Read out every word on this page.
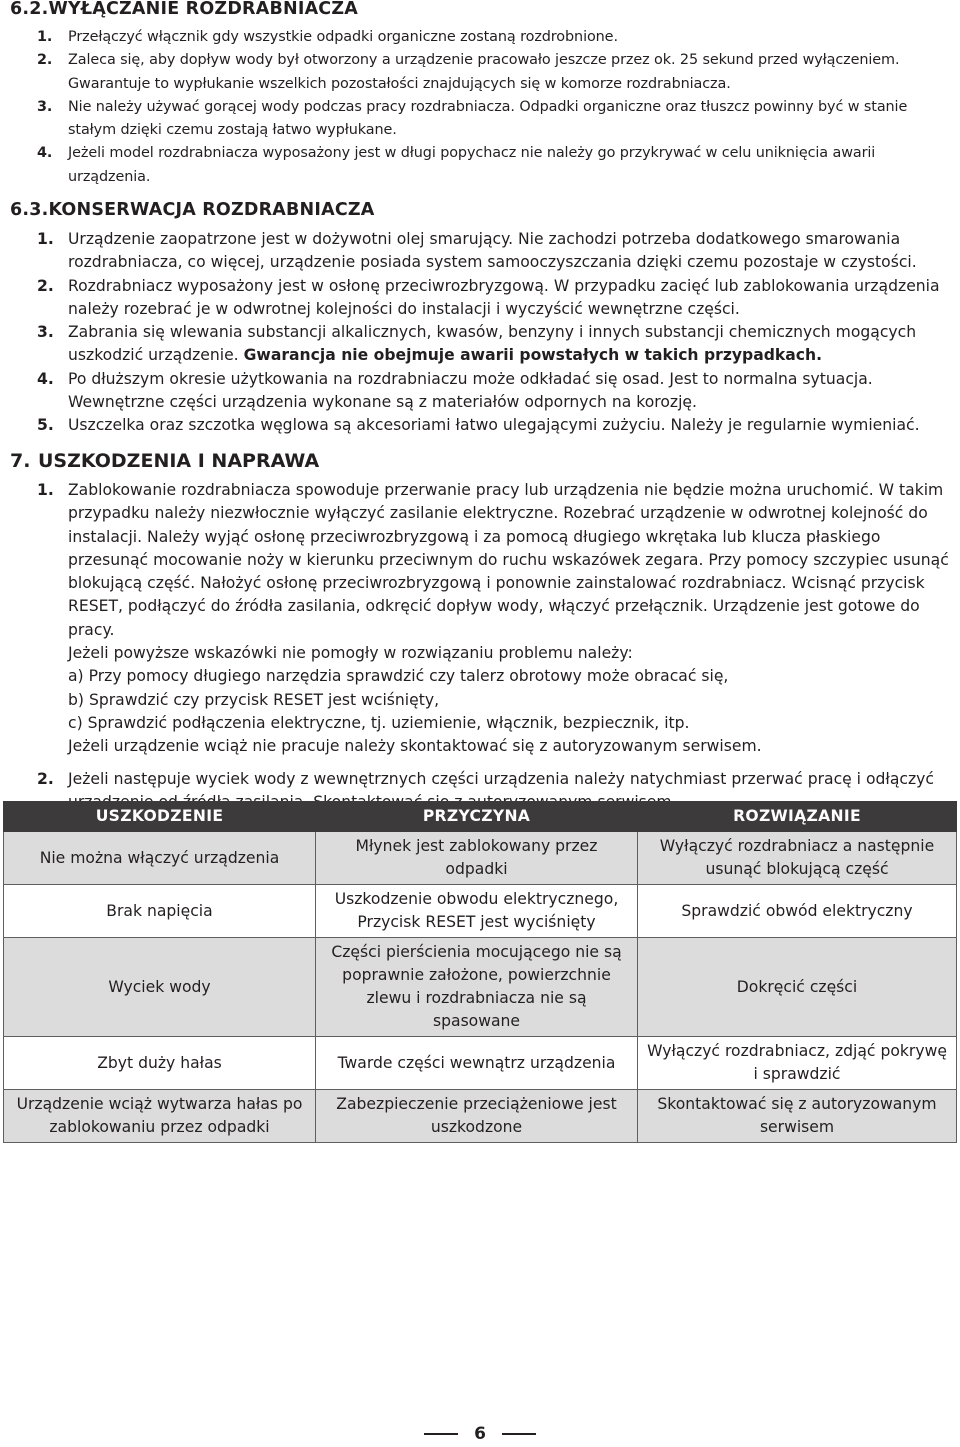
6.2.WYŁĄCZANIE ROZDRABNIACZA
1. Przełączyć włącznik gdy wszystkie odpadki organiczne zostaną rozdrobnione.

2. Zaleca się, aby dopływ wody był otworzony a urządzenie pracowało jeszcze przez ok. 25 sekund przed wyłączeniem. Gwarantuje to wypłukanie wszelkich pozostałości znajdujących się w komorze rozdrabniacza.

3. Nie należy używać gorącej wody podczas pracy rozdrabniacza. Odpadki organiczne oraz tłuszcz powinny być w stanie stałym dzięki czemu zostają łatwo wypłukane.

4. Jeżeli model rozdrabniacza wyposażony jest w długi popychacz nie należy go przykrywać w celu uniknięcia awarii urządzenia.

6.3.KONSERWACJA ROZDRABNIACZA
1. Urządzenie zaopatrzone jest w dożywotni olej smarujący. Nie zachodzi potrzeba dodatkowego smarowania rozdrabniacza, co więcej, urządzenie posiada system samooczyszczania dzięki czemu pozostaje w czystości.

2. Rozdrabniacz wyposażony jest w osłonę przeciwrozbryzgową. W przypadku zacięć lub zablokowania urządzenia należy rozebrać je w odwrotnej kolejności do instalacji i wyczyścić wewnętrzne części.

3. Zabrania się wlewania substancji alkalicznych, kwasów, benzyny i innych substancji chemicznych mogących uszkodzić urządzenie. Gwarancja nie obejmuje awarii powstałych w takich przypadkach.

4. Po dłuższym okresie użytkowania na rozdrabniaczu może odkładać się osad. Jest to normalna sytuacja. Wewnętrzne części urządzenia wykonane są z materiałów odpornych na korozję.

5. Uszczelka oraz szczotka węglowa są akcesoriami łatwo ulegającymi zużyciu. Należy je regularnie wymieniać.

7. USZKODZENIA I NAPRAWA
1. Zablokowanie rozdrabniacza spowoduje przerwanie pracy lub urządzenia nie będzie można uruchomić. W takim przypadku należy niezwłocznie wyłączyć zasilanie elektryczne. Rozebrać urządzenie w odwrotnej kolejność do instalacji. Należy wyjąć osłonę przeciwrozbryzgową i za pomocą długiego wkrętaka lub klucza płaskiego przesunąć mocowanie noży w kierunku przeciwnym do ruchu wskazówek zegara. Przy pomocy szczypiec usunąć blokującą część. Nałożyć osłonę przeciwrozbryzgową i ponownie zainstalować rozdrabniacz. Wcisnąć przycisk RESET, podłączyć do źródła zasilania, odkręcić dopływ wody, włączyć przełącznik. Urządzenie jest gotowe do pracy.

Jeżeli powyższe wskazówki nie pomogły w rozwiązaniu problemu należy:

a) Przy pomocy długiego narzędzia sprawdzić czy talerz obrotowy może obracać się,

b) Sprawdzić czy przycisk RESET jest wciśnięty,

c) Sprawdzić podłączenia elektryczne, tj. uziemienie, włącznik, bezpiecznik, itp.

Jeżeli urządzenie wciąż nie pracuje należy skontaktować się z autoryzowanym serwisem.

2. Jeżeli następuje wyciek wody z wewnętrznych części urządzenia należy natychmiast przerwać pracę i odłączyć

USZKODZENIE	PRZYCZYNA	ROZWIĄZANIE
Nie można włączyć urządzenia	Młynek jest zablokowany przez odpadki	Wyłączyć rozdrabniacz a następnie usunąć blokującą część
Brak napięcia	Uszkodzenie obwodu elektrycznego, Przycisk RESET jest wyciśnięty	Sprawdzić obwód elektryczny
Wyciek wody	Części pierścienia mocującego nie są poprawnie założone, powierzchnie zlewu i rozdrabniacza nie są spasowane	Dokręcić części
Zbyt duży hałas	Twarde części wewnątrz urządzenia	Wyłączyć rozdrabniacz, zdjąć pokrywę i sprawdzić
Urządzenie wciąż wytwarza hałas po zablokowaniu przez odpadki	Zabezpieczenie przeciążeniowe jest uszkodzone	Skontaktować się z autoryzowanym serwisem
6
